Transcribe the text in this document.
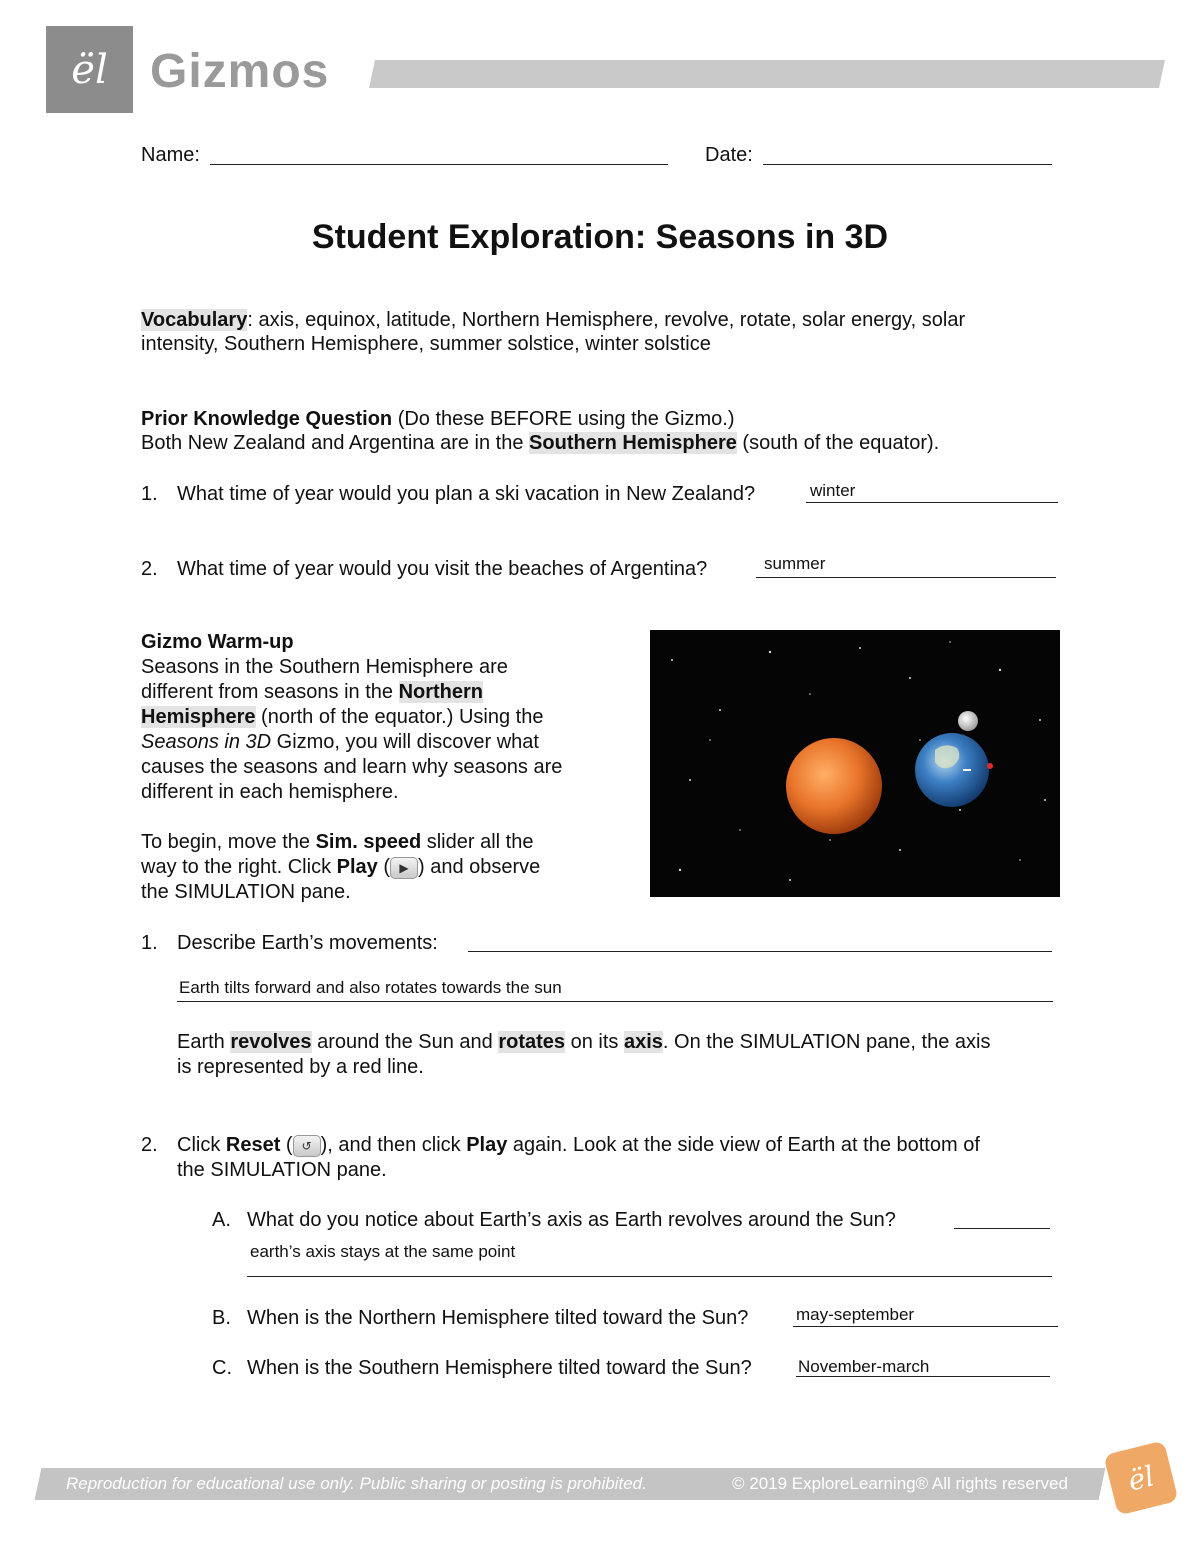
ël Gizmos
Name:	Date:
Student Exploration: Seasons in 3D
Vocabulary: axis, equinox, latitude, Northern Hemisphere, revolve, rotate, solar energy, solar
intensity, Southern Hemisphere, summer solstice, winter solstice
Prior Knowledge Question (Do these BEFORE using the Gizmo.)
Both New Zealand and Argentina are in the Southern Hemisphere (south of the equator).
1. What time of year would you plan a ski vacation in New Zealand?	winter
2. What time of year would you visit the beaches of Argentina?	summer
Gizmo Warm-up
Seasons in the Southern Hemisphere are
different from seasons in the Northern
Hemisphere (north of the equator.) Using the
Seasons in 3D Gizmo, you will discover what
causes the seasons and learn why seasons are
different in each hemisphere.
To begin, move the Sim. speed slider all the
way to the right. Click Play ( ▶ ) and observe
the SIMULATION pane.
1. Describe Earth’s movements:
Earth tilts forward and also rotates towards the sun
Earth revolves around the Sun and rotates on its axis. On the SIMULATION pane, the axis
is represented by a red line.
2. Click Reset ( ↺ ), and then click Play again. Look at the side view of Earth at the bottom of
the SIMULATION pane.
A. What do you notice about Earth’s axis as Earth revolves around the Sun?
earth’s axis stays at the same point
B. When is the Northern Hemisphere tilted toward the Sun?	may-september
C. When is the Southern Hemisphere tilted toward the Sun?	November-march
Reproduction for educational use only. Public sharing or posting is prohibited.	© 2019 ExploreLearning® All rights reserved	ël
